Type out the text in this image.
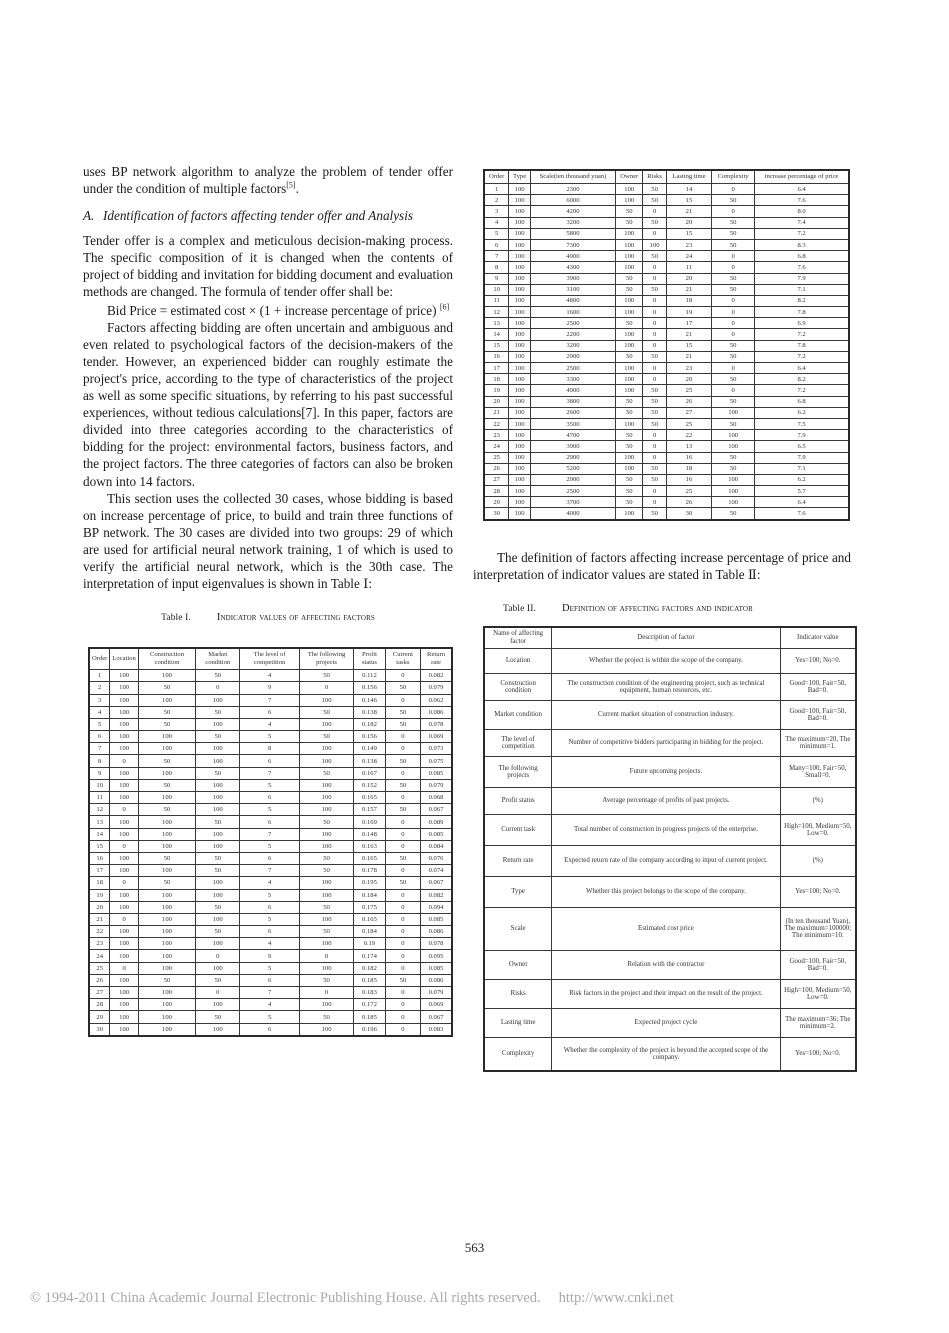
uses BP network algorithm to analyze the problem of tender offer under the condition of multiple factors[5].

A. Identification of factors affecting tender offer and Analysis

Tender offer is a complex and meticulous decision-making process. The specific composition of it is changed when the contents of project of bidding and invitation for bidding document and evaluation methods are changed. The formula of tender offer shall be:

Bid Price = estimated cost × (1 + increase percentage of price) [6]

Factors affecting bidding are often uncertain and ambiguous and even related to psychological factors of the decision-makers of the tender. However, an experienced bidder can roughly estimate the project's price, according to the type of characteristics of the project as well as some specific situations, by referring to his past successful experiences, without tedious calculations[7]. In this paper, factors are divided into three categories according to the characteristics of bidding for the project: environmental factors, business factors, and the project factors. The three categories of factors can also be broken down into 14 factors.

This section uses the collected 30 cases, whose bidding is based on increase percentage of price, to build and train three functions of BP network. The 30 cases are divided into two groups: 29 of which are used for artificial neural network training, 1 of which is used to verify the artificial neural network, which is the 30th case. The interpretation of input eigenvalues is shown in Table Ⅰ:

Table I. Indicator values of affecting factors
Order	Location	Construction condition	Market condition	The level of competition	The following projects	Profit status	Current tasks	Return rate
1	100	100	50	4	50	0.112	0	0.082
2	100	50	0	9	0	0.156	50	0.079
3	100	100	100	7	100	0.146	0	0.062
4	100	50	50	6	50	0.138	50	0.086
5	100	50	100	4	100	0.182	50	0.078
6	100	100	50	5	50	0.156	0	0.069
7	100	100	100	8	100	0.149	0	0.073
8	0	50	100	6	100	0.138	50	0.075
9	100	100	50	7	50	0.167	0	0.085
10	100	50	100	5	100	0.152	50	0.079
11	100	100	100	6	100	0.165	0	0.068
12	0	50	100	5	100	0.157	50	0.067
13	100	100	50	6	50	0.169	0	0.089
14	100	100	100	7	100	0.148	0	0.085
15	0	100	100	5	100	0.163	0	0.084
16	100	50	50	6	50	0.165	50	0.076
17	100	100	50	7	50	0.178	0	0.074
18	0	50	100	4	100	0.195	50	0.067
19	100	100	100	5	100	0.184	0	0.082
20	100	100	50	6	50	0.175	0	0.094
21	0	100	100	5	100	0.165	0	0.085
22	100	100	50	6	50	0.184	0	0.086
23	100	100	100	4	100	0.19	0	0.078
24	100	100	0	9	0	0.174	0	0.095
25	0	100	100	5	100	0.182	0	0.085
26	100	50	50	6	50	0.185	50	0.086
27	100	100	0	7	0	0.183	0	0.079
28	100	100	100	4	100	0.172	0	0.069
29	100	100	50	5	50	0.185	0	0.067
30	100	100	100	6	100	0.196	0	0.083
Order	Type	Scale(ten thousand yuan)	Owner	Risks	Lasting time	Complexity	increase percentage of price
1	100	2300	100	50	14	0	6.4
2	100	6000	100	50	15	50	7.6
3	100	4200	50	0	21	0	8.0
4	100	3200	50	50	20	50	7.4
5	100	5800	100	0	15	50	7.2
6	100	7300	100	100	23	50	8.3
7	100	4900	100	50	24	0	6.8
8	100	4300	100	0	11	0	7.6
9	100	3900	50	0	20	50	7.9
10	100	3100	50	50	21	50	7.1
11	100	4800	100	0	18	0	8.2
12	100	1600	100	0	19	0	7.8
13	100	2500	50	0	17	0	6.9
14	100	2200	100	0	21	0	7.2
15	100	3200	100	0	15	50	7.8
16	100	2900	50	50	21	50	7.2
17	100	2500	100	0	23	0	6.4
18	100	3300	100	0	20	50	8.2
19	100	4900	100	50	25	0	7.2
20	100	3800	50	50	26	50	6.8
21	100	2600	50	50	27	100	6.2
22	100	3500	100	50	25	50	7.5
23	100	4700	50	0	22	100	7.9
24	100	3900	50	0	13	100	6.5
25	100	2900	100	0	16	50	7.9
26	100	5200	100	50	18	50	7.1
27	100	2900	50	50	16	100	6.2
28	100	2500	50	0	25	100	5.7
29	100	3700	50	0	26	100	6.4
30	100	4000	100	50	30	50	7.6

The definition of factors affecting increase percentage of price and interpretation of indicator values are stated in Table Ⅱ:

Table II. Definition of affecting factors and indicator
Name of affecting factor	Description of factor	Indicator value
Location	Whether the project is within the scope of the company.	Yes=100; No=0.
Construction condition	The construction condition of the engineering project, such as technical equipment, human resources, etc.	Good=100, Fair=50, Bad=0.
Market condition	Current market situation of construction industry.	Good=100, Fair=50, Bad=0.
The level of competition	Number of competitive bidders participating in bidding for the project.	The maximum=20, The minimum=1.
The following projects	Future upcoming projects.	Many=100, Fair=50, Small=0.
Profit status	Average percentage of profits of past projects.	(%)
Current task	Total number of construction in progress projects of the enterprise.	High=100, Medium=50, Low=0.
Return rate	Expected return rate of the company according to input of current project.	(%)
Type	Whether this project belongs to the scope of the company.	Yes=100; No=0.
Scale	Estimated cost price	(In ten thousand Yuan), The maximum=100000; The minimum=10.
Owner	Relation with the contractor	Good=100, Fair=50, Bad=0.
Risks	Risk factors in the project and their impact on the result of the project.	High=100, Medium=50, Low=0.
Lasting time	Expected project cycle	The maximum=36; The minimum=2.
Complexity	Whether the complexity of the project is beyond the accepted scope of the company.	Yes=100; No=0.
563
© 1994-2011 China Academic Journal Electronic Publishing House. All rights reserved. http://www.cnki.net
